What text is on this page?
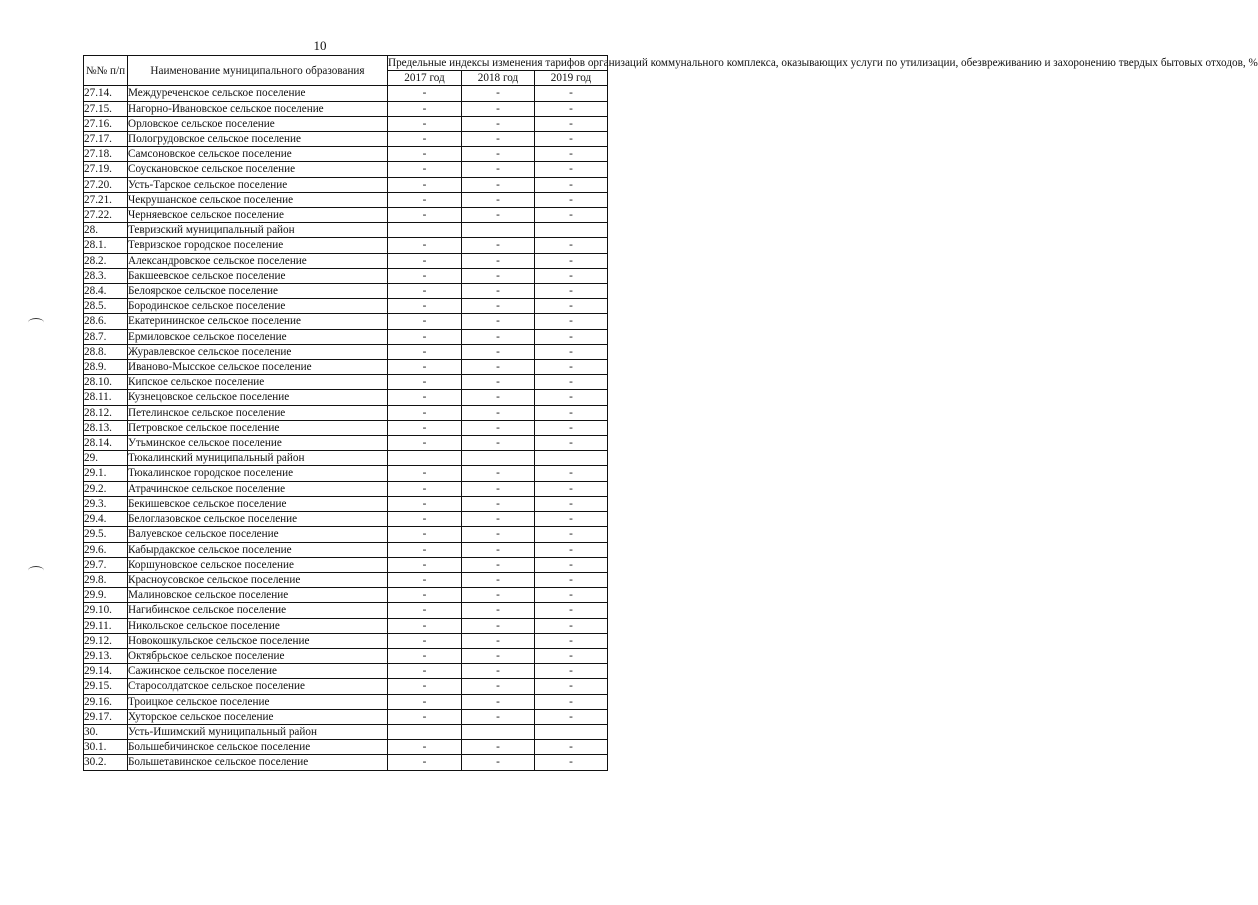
10
№№ п/п	Наименование муниципального образования	Предельные индексы изменения тарифов организаций коммунального комплекса, оказывающих услуги по утилизации, обезвреживанию и захоронению твердых бытовых отходов, %		
		2017 год	2018 год	2019 год
27.14.	Междуреченское сельское поселение	-	-	-
27.15.	Нагорно-Ивановское сельское поселение	-	-	-
27.16.	Орловское сельское поселение	-	-	-
27.17.	Пологрудовское сельское поселение	-	-	-
27.18.	Самсоновское сельское поселение	-	-	-
27.19.	Соускановское сельское поселение	-	-	-
27.20.	Усть-Тарское сельское поселение	-	-	-
27.21.	Чекрушанское сельское поселение	-	-	-
27.22.	Черняевское сельское поселение	-	-	-
28.	Тевризский муниципальный район			
28.1.	Тевризское городское поселение	-	-	-
28.2.	Александровское сельское поселение	-	-	-
28.3.	Бакшеевское сельское поселение	-	-	-
28.4.	Белоярское сельское поселение	-	-	-
28.5.	Бородинское сельское поселение	-	-	-
28.6.	Екатерининское сельское поселение	-	-	-
28.7.	Ермиловское сельское поселение	-	-	-
28.8.	Журавлевское сельское поселение	-	-	-
28.9.	Иваново-Мысское сельское поселение	-	-	-
28.10.	Кипское сельское поселение	-	-	-
28.11.	Кузнецовское сельское поселение	-	-	-
28.12.	Петелинское сельское поселение	-	-	-
28.13.	Петровское сельское поселение	-	-	-
28.14.	Утьминское сельское поселение	-	-	-
29.	Тюкалинский муниципальный район			
29.1.	Тюкалинское городское поселение	-	-	-
29.2.	Атрачинское сельское поселение	-	-	-
29.3.	Бекишевское сельское поселение	-	-	-
29.4.	Белоглазовское сельское поселение	-	-	-
29.5.	Валуевское сельское поселение	-	-	-
29.6.	Кабырдакское сельское поселение	-	-	-
29.7.	Коршуновское сельское поселение	-	-	-
29.8.	Красноусовское сельское поселение	-	-	-
29.9.	Малиновское сельское поселение	-	-	-
29.10.	Нагибинское сельское поселение	-	-	-
29.11.	Никольское сельское поселение	-	-	-
29.12.	Новокошкульское сельское поселение	-	-	-
29.13.	Октябрьское сельское поселение	-	-	-
29.14.	Сажинское сельское поселение	-	-	-
29.15.	Старосолдатское сельское поселение	-	-	-
29.16.	Троицкое сельское поселение	-	-	-
29.17.	Хуторское сельское поселение	-	-	-
30.	Усть-Ишимский муниципальный район			
30.1.	Большебичинское сельское поселение	-	-	-
30.2.	Большетавинское сельское поселение	-	-	-
